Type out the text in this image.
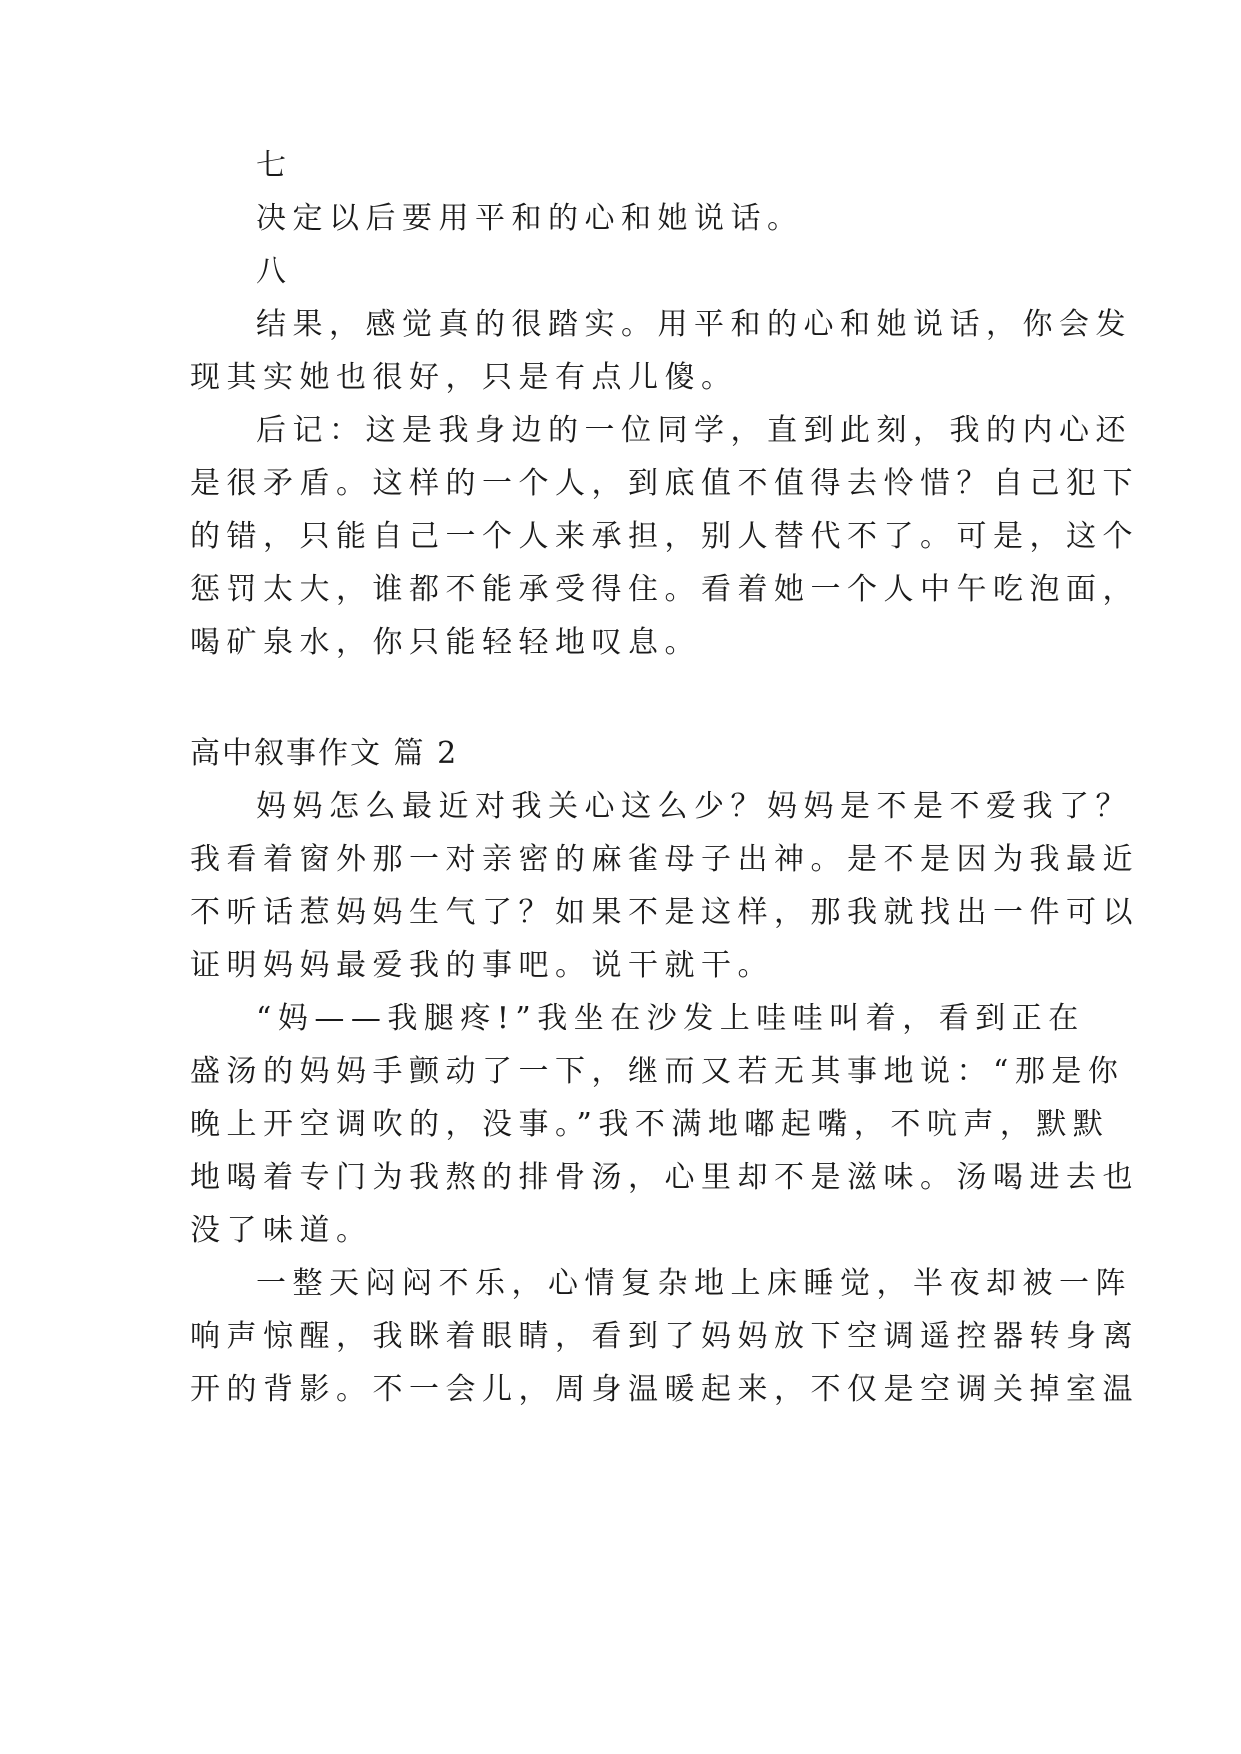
七
决定以后要用平和的心和她说话。
八
结果，感觉真的很踏实。用平和的心和她说话，你会发
现其实她也很好，只是有点儿傻。
后记：这是我身边的一位同学，直到此刻，我的内心还
是很矛盾。这样的一个人，到底值不值得去怜惜？自己犯下
的错，只能自己一个人来承担，别人替代不了。可是，这个
惩罚太大，谁都不能承受得住。看着她一个人中午吃泡面，
喝矿泉水，你只能轻轻地叹息。
高中叙事作文 篇 2
妈妈怎么最近对我关心这么少？妈妈是不是不爱我了？
我看着窗外那一对亲密的麻雀母子出神。是不是因为我最近
不听话惹妈妈生气了？如果不是这样，那我就找出一件可以
证明妈妈最爱我的事吧。说干就干。
“妈——我腿疼!”我坐在沙发上哇哇叫着，看到正在
盛汤的妈妈手颤动了一下，继而又若无其事地说：“那是你
晚上开空调吹的，没事。”我不满地嘟起嘴，不吭声，默默
地喝着专门为我熬的排骨汤，心里却不是滋味。汤喝进去也
没了味道。
一整天闷闷不乐，心情复杂地上床睡觉，半夜却被一阵
响声惊醒，我眯着眼睛，看到了妈妈放下空调遥控器转身离
开的背影。不一会儿，周身温暖起来，不仅是空调关掉室温
